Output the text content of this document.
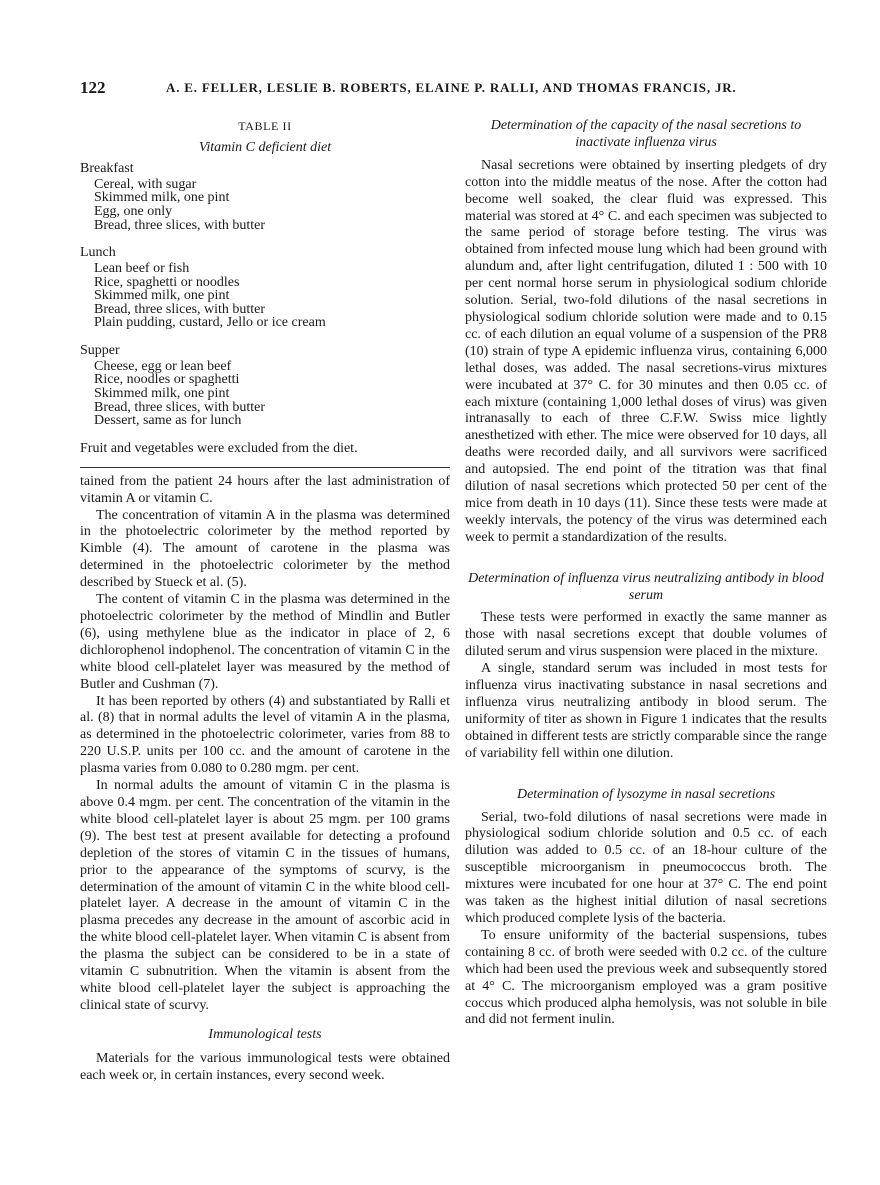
122	A. E. FELLER, LESLIE B. ROBERTS, ELAINE P. RALLI, AND THOMAS FRANCIS, JR.
TABLE II
Vitamin C deficient diet
Breakfast
Cereal, with sugar
Skimmed milk, one pint
Egg, one only
Bread, three slices, with butter
Lunch
Lean beef or fish
Rice, spaghetti or noodles
Skimmed milk, one pint
Bread, three slices, with butter
Plain pudding, custard, Jello or ice cream
Supper
Cheese, egg or lean beef
Rice, noodles or spaghetti
Skimmed milk, one pint
Bread, three slices, with butter
Dessert, same as for lunch

Fruit and vegetables were excluded from the diet.

tained from the patient 24 hours after the last administration of vitamin A or vitamin C.

The concentration of vitamin A in the plasma was determined in the photoelectric colorimeter by the method reported by Kimble (4). The amount of carotene in the plasma was determined in the photoelectric colorimeter by the method described by Stueck et al. (5).

The content of vitamin C in the plasma was determined in the photoelectric colorimeter by the method of Mindlin and Butler (6), using methylene blue as the indicator in place of 2, 6 dichlorophenol indophenol. The concentration of vitamin C in the white blood cell-platelet layer was measured by the method of Butler and Cushman (7).

It has been reported by others (4) and substantiated by Ralli et al. (8) that in normal adults the level of vitamin A in the plasma, as determined in the photoelectric colorimeter, varies from 88 to 220 U.S.P. units per 100 cc. and the amount of carotene in the plasma varies from 0.080 to 0.280 mgm. per cent.

In normal adults the amount of vitamin C in the plasma is above 0.4 mgm. per cent. The concentration of the vitamin in the white blood cell-platelet layer is about 25 mgm. per 100 grams (9). The best test at present available for detecting a profound depletion of the stores of vitamin C in the tissues of humans, prior to the appearance of the symptoms of scurvy, is the determination of the amount of vitamin C in the white blood cell-platelet layer. A decrease in the amount of vitamin C in the plasma precedes any decrease in the amount of ascorbic acid in the white blood cell-platelet layer. When vitamin C is absent from the plasma the subject can be considered to be in a state of vitamin C subnutrition. When the vitamin is absent from the white blood cell-platelet layer the subject is approaching the clinical state of scurvy.

Immunological tests

Materials for the various immunological tests were obtained each week or, in certain instances, every second week.

Determination of the capacity of the nasal secretions to inactivate influenza virus

Nasal secretions were obtained by inserting pledgets of dry cotton into the middle meatus of the nose. After the cotton had become well soaked, the clear fluid was expressed. This material was stored at 4° C. and each specimen was subjected to the same period of storage before testing. The virus was obtained from infected mouse lung which had been ground with alundum and, after light centrifugation, diluted 1 : 500 with 10 per cent normal horse serum in physiological sodium chloride solution. Serial, two-fold dilutions of the nasal secretions in physiological sodium chloride solution were made and to 0.15 cc. of each dilution an equal volume of a suspension of the PR8 (10) strain of type A epidemic influenza virus, containing 6,000 lethal doses, was added. The nasal secretions-virus mixtures were incubated at 37° C. for 30 minutes and then 0.05 cc. of each mixture (containing 1,000 lethal doses of virus) was given intranasally to each of three C.F.W. Swiss mice lightly anesthetized with ether. The mice were observed for 10 days, all deaths were recorded daily, and all survivors were sacrificed and autopsied. The end point of the titration was that final dilution of nasal secretions which protected 50 per cent of the mice from death in 10 days (11). Since these tests were made at weekly intervals, the potency of the virus was determined each week to permit a standardization of the results.

Determination of influenza virus neutralizing antibody in blood serum

These tests were performed in exactly the same manner as those with nasal secretions except that double volumes of diluted serum and virus suspension were placed in the mixture.

A single, standard serum was included in most tests for influenza virus inactivating substance in nasal secretions and influenza virus neutralizing antibody in blood serum. The uniformity of titer as shown in Figure 1 indicates that the results obtained in different tests are strictly comparable since the range of variability fell within one dilution.

Determination of lysozyme in nasal secretions

Serial, two-fold dilutions of nasal secretions were made in physiological sodium chloride solution and 0.5 cc. of each dilution was added to 0.5 cc. of an 18-hour culture of the susceptible microorganism in pneumococcus broth. The mixtures were incubated for one hour at 37° C. The end point was taken as the highest initial dilution of nasal secretions which produced complete lysis of the bacteria.

To ensure uniformity of the bacterial suspensions, tubes containing 8 cc. of broth were seeded with 0.2 cc. of the culture which had been used the previous week and subsequently stored at 4° C. The microorganism employed was a gram positive coccus which produced alpha hemolysis, was not soluble in bile and did not ferment inulin.
